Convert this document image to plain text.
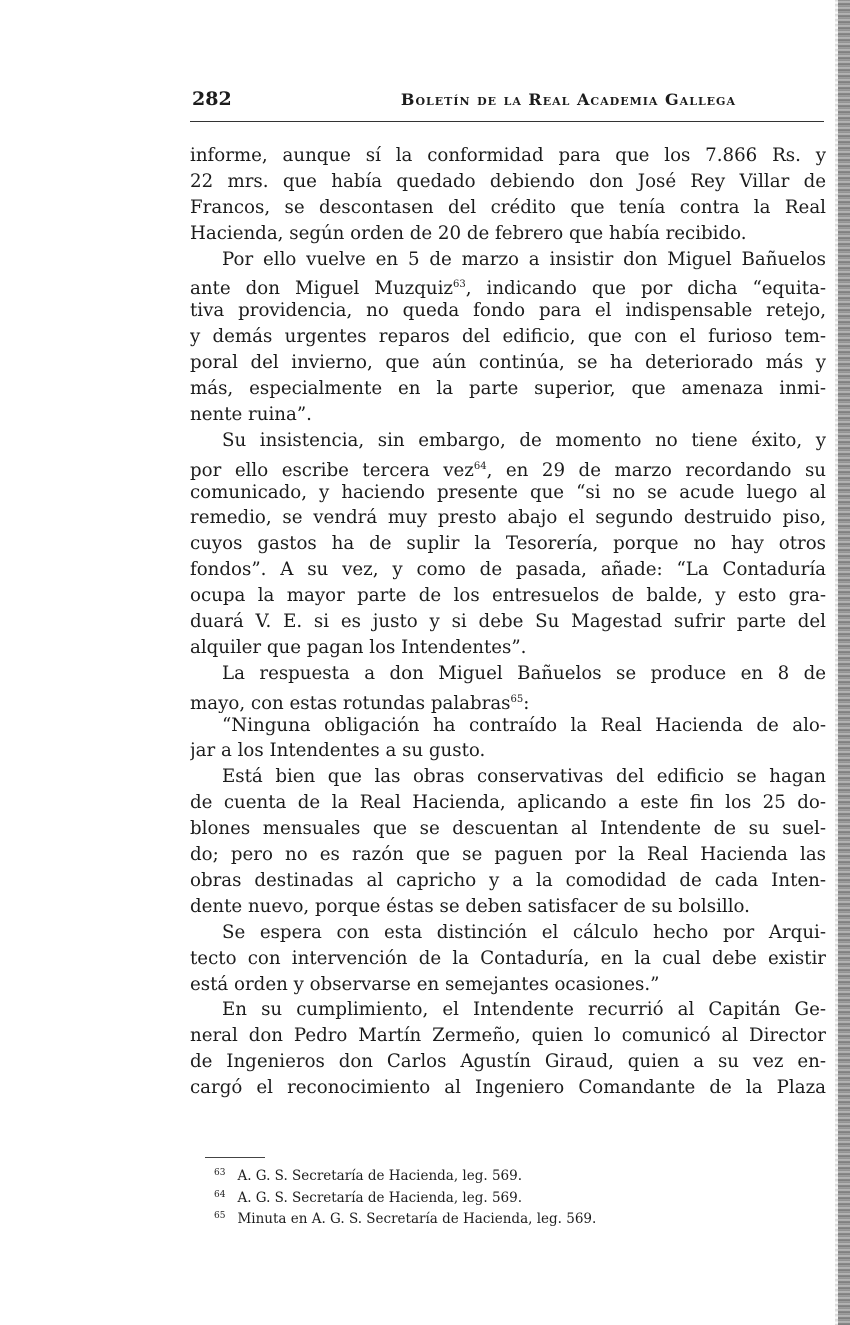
282	Boletín de la Real Academia Gallega
informe, aunque sí la conformidad para que los 7.866 Rs. y
22 mrs. que había quedado debiendo don José Rey Villar de
Francos, se descontasen del crédito que tenía contra la Real
Hacienda, según orden de 20 de febrero que había recibido.
Por ello vuelve en 5 de marzo a insistir don Miguel Bañuelos
ante don Miguel Muzquiz$^{63}$, indicando que por dicha “equita-
tiva providencia, no queda fondo para el indispensable retejo,
y demás urgentes reparos del edificio, que con el furioso tem-
poral del invierno, que aún continúa, se ha deteriorado más y
más, especialmente en la parte superior, que amenaza inmi-
nente ruina”.
Su insistencia, sin embargo, de momento no tiene éxito, y
por ello escribe tercera vez$^{64}$, en 29 de marzo recordando su
comunicado, y haciendo presente que “si no se acude luego al
remedio, se vendrá muy presto abajo el segundo destruido piso,
cuyos gastos ha de suplir la Tesorería, porque no hay otros
fondos”. A su vez, y como de pasada, añade: “La Contaduría
ocupa la mayor parte de los entresuelos de balde, y esto gra-
duará V. E. si es justo y si debe Su Magestad sufrir parte del
alquiler que pagan los Intendentes”.
La respuesta a don Miguel Bañuelos se produce en 8 de
mayo, con estas rotundas palabras$^{65}$:
“Ninguna obligación ha contraído la Real Hacienda de alo-
jar a los Intendentes a su gusto.
Está bien que las obras conservativas del edificio se hagan
de cuenta de la Real Hacienda, aplicando a este fin los 25 do-
blones mensuales que se descuentan al Intendente de su suel-
do; pero no es razón que se paguen por la Real Hacienda las
obras destinadas al capricho y a la comodidad de cada Inten-
dente nuevo, porque éstas se deben satisfacer de su bolsillo.
Se espera con esta distinción el cálculo hecho por Arqui-
tecto con intervención de la Contaduría, en la cual debe existir
está orden y observarse en semejantes ocasiones.”
En su cumplimiento, el Intendente recurrió al Capitán Ge-
neral don Pedro Martín Zermeño, quien lo comunicó al Director
de Ingenieros don Carlos Agustín Giraud, quien a su vez en-
cargó el reconocimiento al Ingeniero Comandante de la Plaza
$^{63}$ A. G. S. Secretaría de Hacienda, leg. 569.
$^{64}$ A. G. S. Secretaría de Hacienda, leg. 569.
$^{65}$ Minuta en A. G. S. Secretaría de Hacienda, leg. 569.
